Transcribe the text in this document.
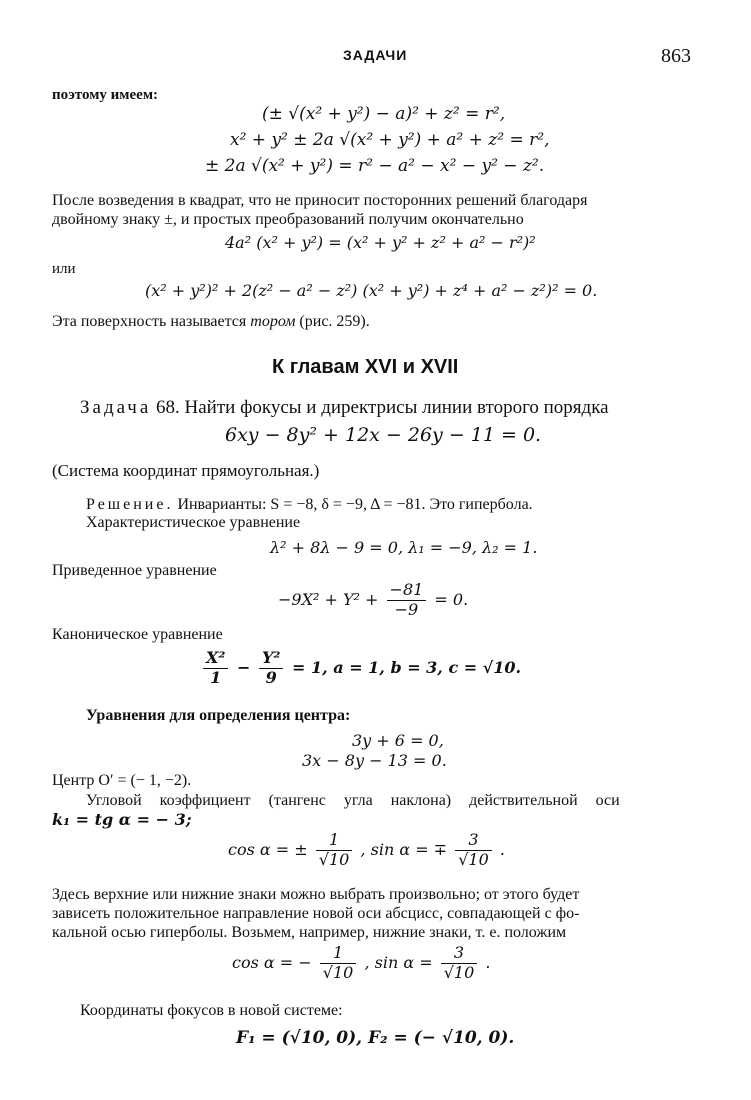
ЗАДАЧИ	863
поэтому имеем:
(± √(x² + y²) − a)² + z² = r²,
x² + y² ± 2a √(x² + y²) + a² + z² = r²,
± 2a √(x² + y²) = r² − a² − x² − y² − z².
После возведения в квадрат, что не приносит посторонних решений благодаря
двойному знаку ±, и простых преобразований получим окончательно
4a² (x² + y²) = (x² + y² + z² + a² − r²)²
или
(x² + y²)² + 2(z² − a² − z²) (x² + y²) + z⁴ + a² − z²)² = 0.
Эта поверхность называется тором (рис. 259).
К главам XVI и XVII
Задача 68. Найти фокусы и директрисы линии второго порядка
6xy − 8y² + 12x − 26y − 11 = 0.
(Система координат прямоугольная.)
Решение. Инварианты: S = −8, δ = −9, Δ = −81. Это гипербола.
Характеристическое уравнение
λ² + 8λ − 9 = 0, λ₁ = −9, λ₂ = 1.
Приведенное уравнение
$-9X^2 + Y^2 + \frac{-81}{-9} = 0$.
Каноническое уравнение
$\frac{\text{X²}}{1} - \frac{\text{Y²}}{9} = 1$, a = 1, b = 3, c = √10.
Уравнения для определения центра:
3y + 6 = 0,
3x − 8y − 13 = 0.
Центр O′ = (− 1, −2).
Угловой коэффициент (тангенс угла наклона) действительной оси
k₁ = tg α = − 3;
cos α = ± $\frac{1}{√10}$ , sin α = ∓ $\frac{3}{√10}$ .
Здесь верхние или нижние знаки можно выбрать произвольно; от этого будет
зависеть положительное направление новой оси абсцисс, совпадающей с фо-
кальной осью гиперболы. Возьмем, например, нижние знаки, т. е. положим
cos α = − $\frac{1}{√10}$ , $\sin \alpha = \frac{3}{√10}$ .
Координаты фокусов в новой системе:
F₁ = (√10, 0), F₂ = (− √10, 0).
